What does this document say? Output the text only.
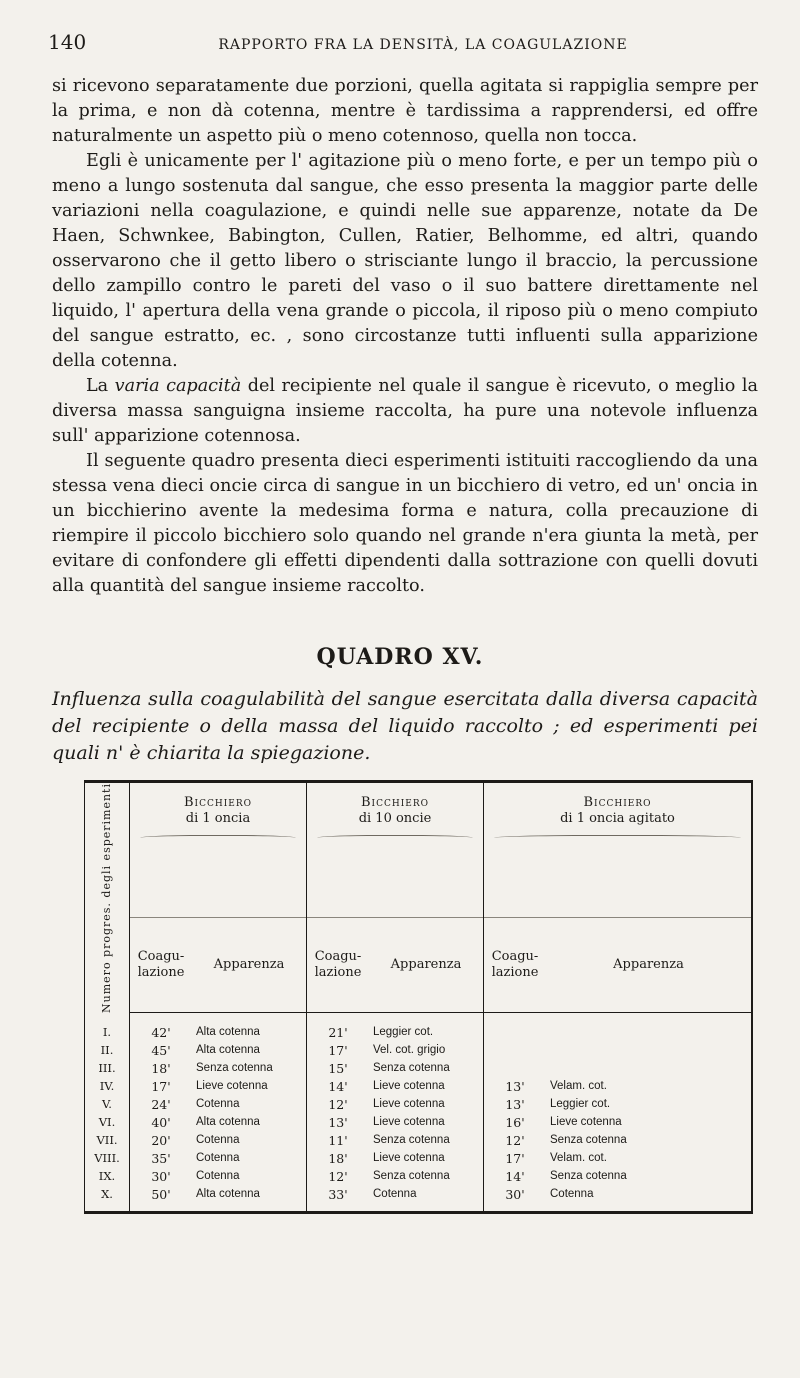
140	RAPPORTO FRA LA DENSITÀ, LA COAGULAZIONE

si ricevono separatamente due porzioni, quella agitata si rappiglia sempre per la prima, e non dà cotenna, mentre è tardissima a rapprendersi, ed offre naturalmente un aspetto più o meno cotennoso, quella non tocca.

Egli è unicamente per l' agitazione più o meno forte, e per un tempo più o meno a lungo sostenuta dal sangue, che esso presenta la maggior parte delle variazioni nella coagulazione, e quindi nelle sue apparenze, notate da De Haen, Schwnkee, Babington, Cullen, Ratier, Belhomme, ed altri, quando osservarono che il getto libero o strisciante lungo il braccio, la percussione dello zampillo contro le pareti del vaso o il suo battere direttamente nel liquido, l' apertura della vena grande o piccola, il riposo più o meno compiuto del sangue estratto, ec. , sono circostanze tutti influenti sulla apparizione della cotenna.

La varia capacità del recipiente nel quale il sangue è ricevuto, o meglio la diversa massa sanguigna insieme raccolta, ha pure una notevole influenza sull' apparizione cotennosa.

Il seguente quadro presenta dieci esperimenti istituiti raccogliendo da una stessa vena dieci oncie circa di sangue in un bicchiero di vetro, ed un' oncia in un bicchierino avente la medesima forma e natura, colla precauzione di riempire il piccolo bicchiero solo quando nel grande n'era giunta la metà, per evitare di confondere gli effetti dipendenti dalla sottrazione con quelli dovuti alla quantità del sangue insieme raccolto.

QUADRO XV.
Influenza sulla coagulabilità del sangue esercitata dalla diversa capacità del recipiente o della massa del liquido raccolto ; ed esperimenti pei quali n' è chiarita la spiegazione.
Numero progres. degli esperimenti	Bicchiero
di 1 oncia		Bicchiero
di 10 oncie		Bicchiero
di 1 oncia agitato	

	Coagu- lazione	Apparenza	Coagu- lazione	Apparenza	Coagu- lazione	Apparenza
I.	42'	Alta cotenna	21'	Leggier cot.		
II.	45'	Alta cotenna	17'	Vel. cot. grigio		
III.	18'	Senza cotenna	15'	Senza cotenna		
IV.	17'	Lieve cotenna	14'	Lieve cotenna	13'	Velam. cot.
V.	24'	Cotenna	12'	Lieve cotenna	13'	Leggier cot.
VI.	40'	Alta cotenna	13'	Lieve cotenna	16'	Lieve cotenna
VII.	20'	Cotenna	11'	Senza cotenna	12'	Senza cotenna
VIII.	35'	Cotenna	18'	Lieve cotenna	17'	Velam. cot.
IX.	30'	Cotenna	12'	Senza cotenna	14'	Senza cotenna
X.	50'	Alta cotenna	33'	Cotenna	30'	Cotenna
